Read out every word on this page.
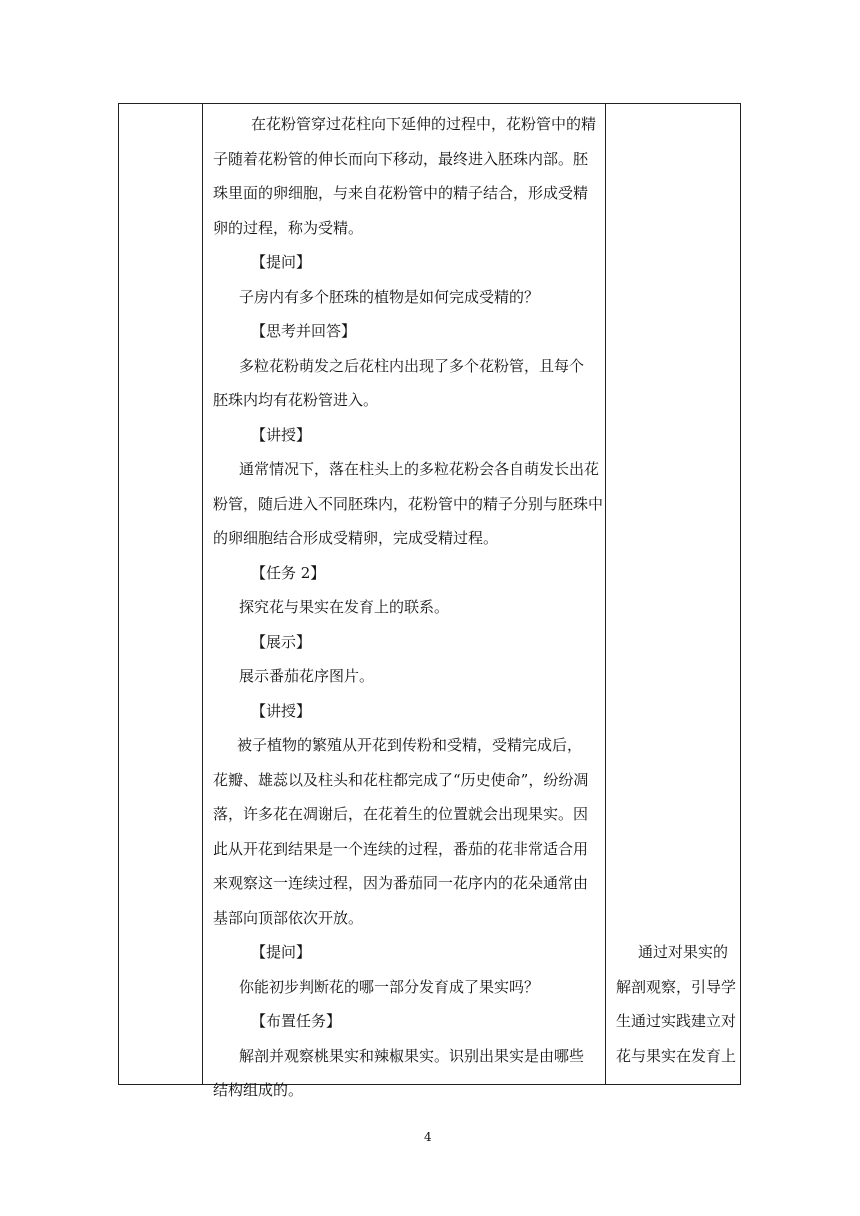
在花粉管穿过花柱向下延伸的过程中，花粉管中的精
子随着花粉管的伸长而向下移动，最终进入胚珠内部。胚
珠里面的卵细胞，与来自花粉管中的精子结合，形成受精
卵的过程，称为受精。
【提问】
子房内有多个胚珠的植物是如何完成受精的？
【思考并回答】
多粒花粉萌发之后花柱内出现了多个花粉管，且每个
胚珠内均有花粉管进入。
【讲授】
通常情况下，落在柱头上的多粒花粉会各自萌发长出花
粉管，随后进入不同胚珠内，花粉管中的精子分别与胚珠中
的卵细胞结合形成受精卵，完成受精过程。
【任务 2】
探究花与果实在发育上的联系。
【展示】
展示番茄花序图片。
【讲授】
被子植物的繁殖从开花到传粉和受精，受精完成后，
花瓣、雄蕊以及柱头和花柱都完成了“历史使命”，纷纷凋
落，许多花在凋谢后，在花着生的位置就会出现果实。因
此从开花到结果是一个连续的过程，番茄的花非常适合用
来观察这一连续过程，因为番茄同一花序内的花朵通常由
基部向顶部依次开放。
【提问】
你能初步判断花的哪一部分发育成了果实吗？
【布置任务】
解剖并观察桃果实和辣椒果实。识别出果实是由哪些
结构组成的。
通过对果实的
解剖观察，引导学
生通过实践建立对
花与果实在发育上
4
